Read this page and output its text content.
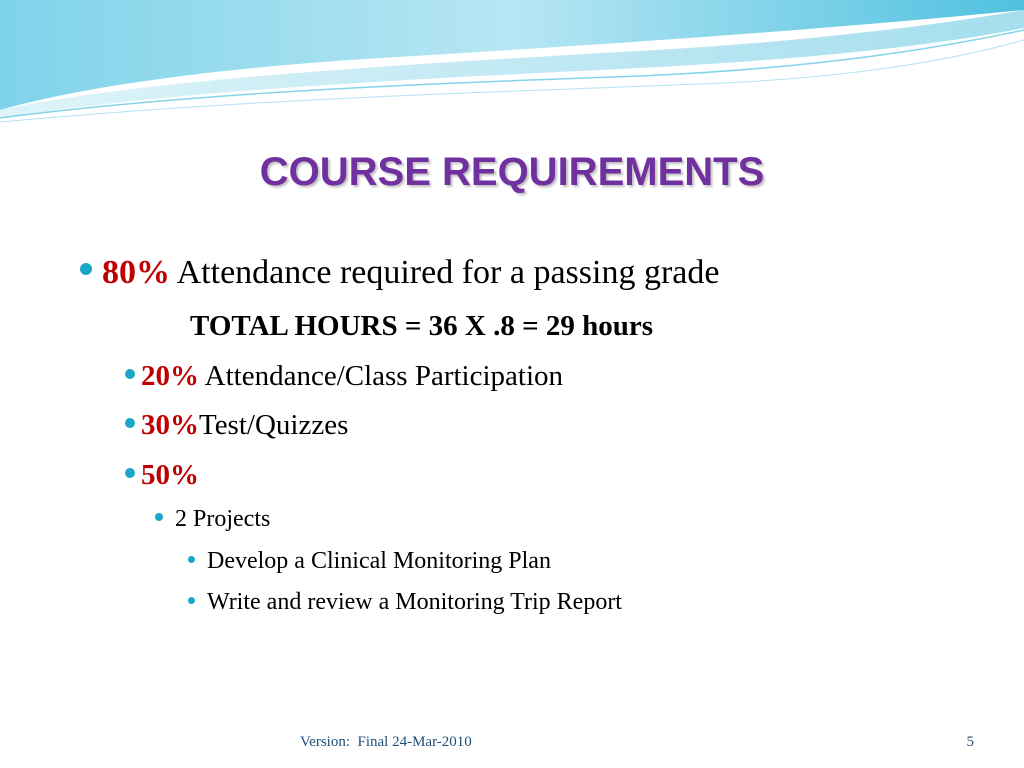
COURSE REQUIREMENTS
80% Attendance required for a passing grade
TOTAL HOURS = 36 X .8 = 29 hours
20% Attendance/Class Participation
30%Test/Quizzes
50%
2 Projects
Develop a Clinical Monitoring Plan
Write and review a Monitoring Trip Report
Version:  Final 24-Mar-2010	5
